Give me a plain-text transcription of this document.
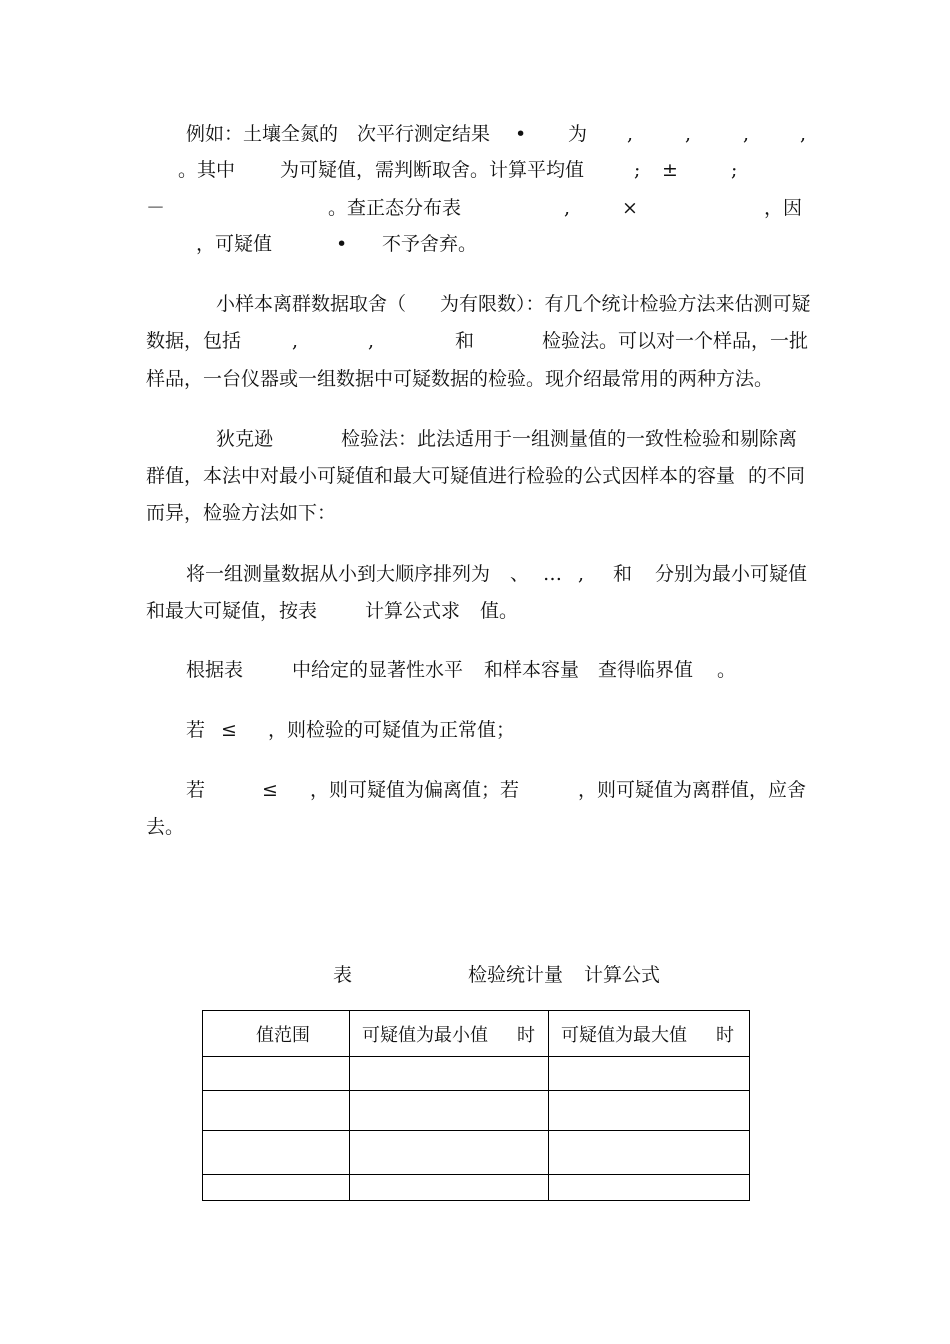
例如：土壤全氮的 次平行测定结果 • 为 ,	,	,	,
。其中 为可疑值，需判断取舍。计算平均值	; ±	;
－	。查正态分布表	,	×	，因
，可疑值	• 不予舍弃。
小样本离群数据取舍（ 为有限数）：有几个统计检验方法来估测可疑
数据，包括	,	,	和	检验法。可以对一个样品，一批
样品，一台仪器或一组数据中可疑数据的检验。现介绍最常用的两种方法。
狄克逊	检验法：此法适用于一组测量值的一致性检验和剔除离
群值，本法中对最小可疑值和最大可疑值进行检验的公式因样本的容量 的不同
而异，检验方法如下：
将一组测量数据从小到大顺序排列为 、 … , 和 分别为最小可疑值
和最大可疑值，按表	计算公式求 值。
根据表	中给定的显著性水平 和样本容量 查得临界值 。
若 ≤ ，则检验的可疑值为正常值；
若	≤ ，则可疑值为偏离值；若	，则可疑值为离群值，应舍
去。
表	检验统计量 计算公式
值范围	可疑值为最小值 时	可疑值为最大值 时
